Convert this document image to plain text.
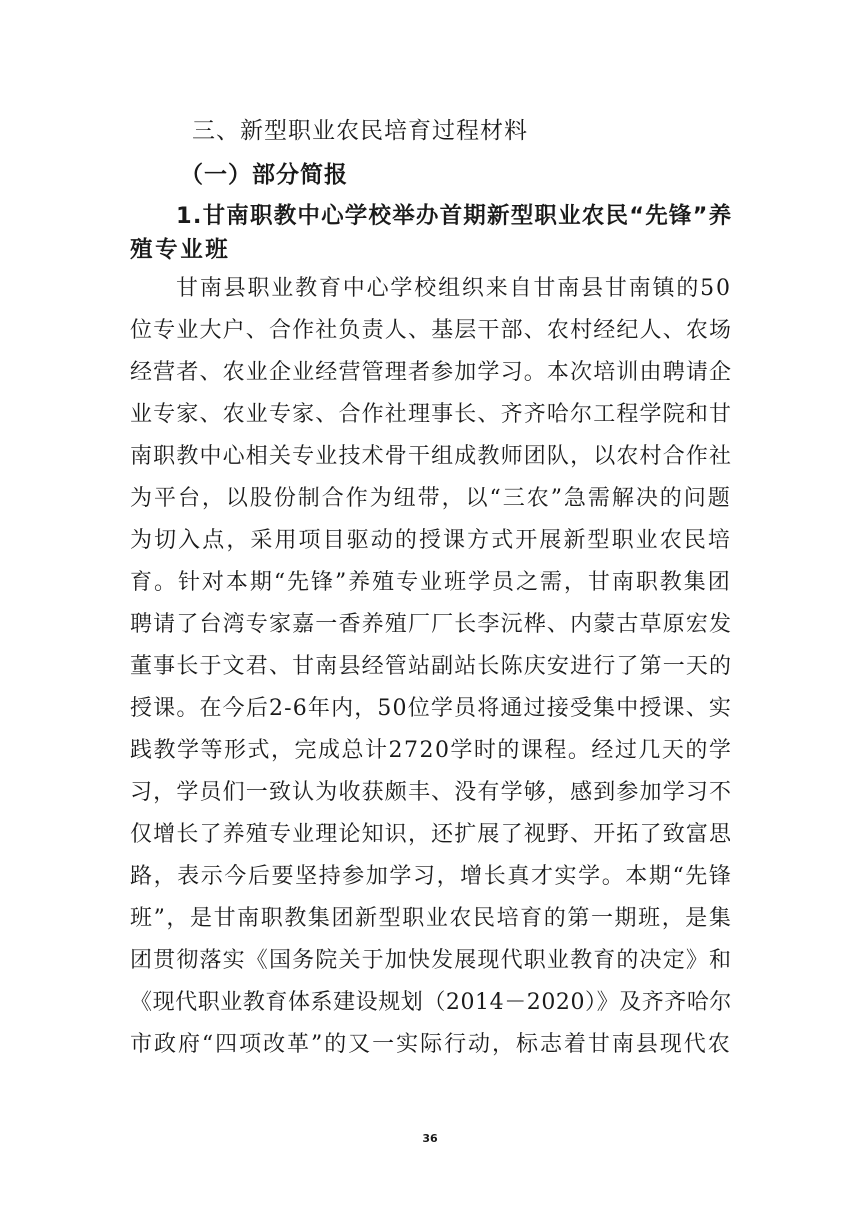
三、新型职业农民培育过程材料
（一）部分简报
1.甘南职教中心学校举办首期新型职业农民“先锋”养
殖专业班
甘南县职业教育中心学校组织来自甘南县甘南镇的50
位专业大户、合作社负责人、基层干部、农村经纪人、农场
经营者、农业企业经营管理者参加学习。本次培训由聘请企
业专家、农业专家、合作社理事长、齐齐哈尔工程学院和甘
南职教中心相关专业技术骨干组成教师团队，以农村合作社
为平台，以股份制合作为纽带，以“三农”急需解决的问题
为切入点，采用项目驱动的授课方式开展新型职业农民培
育。针对本期“先锋”养殖专业班学员之需，甘南职教集团
聘请了台湾专家嘉一香养殖厂厂长李沅桦、内蒙古草原宏发
董事长于文君、甘南县经管站副站长陈庆安进行了第一天的
授课。在今后2-6年内，50位学员将通过接受集中授课、实
践教学等形式，完成总计2720学时的课程。经过几天的学
习，学员们一致认为收获颇丰、没有学够，感到参加学习不
仅增长了养殖专业理论知识，还扩展了视野、开拓了致富思
路，表示今后要坚持参加学习，增长真才实学。本期“先锋
班”，是甘南职教集团新型职业农民培育的第一期班，是集
团贯彻落实《国务院关于加快发展现代职业教育的决定》和
《现代职业教育体系建设规划（2014－2020）》及齐齐哈尔
市政府“四项改革”的又一实际行动，标志着甘南县现代农
36
